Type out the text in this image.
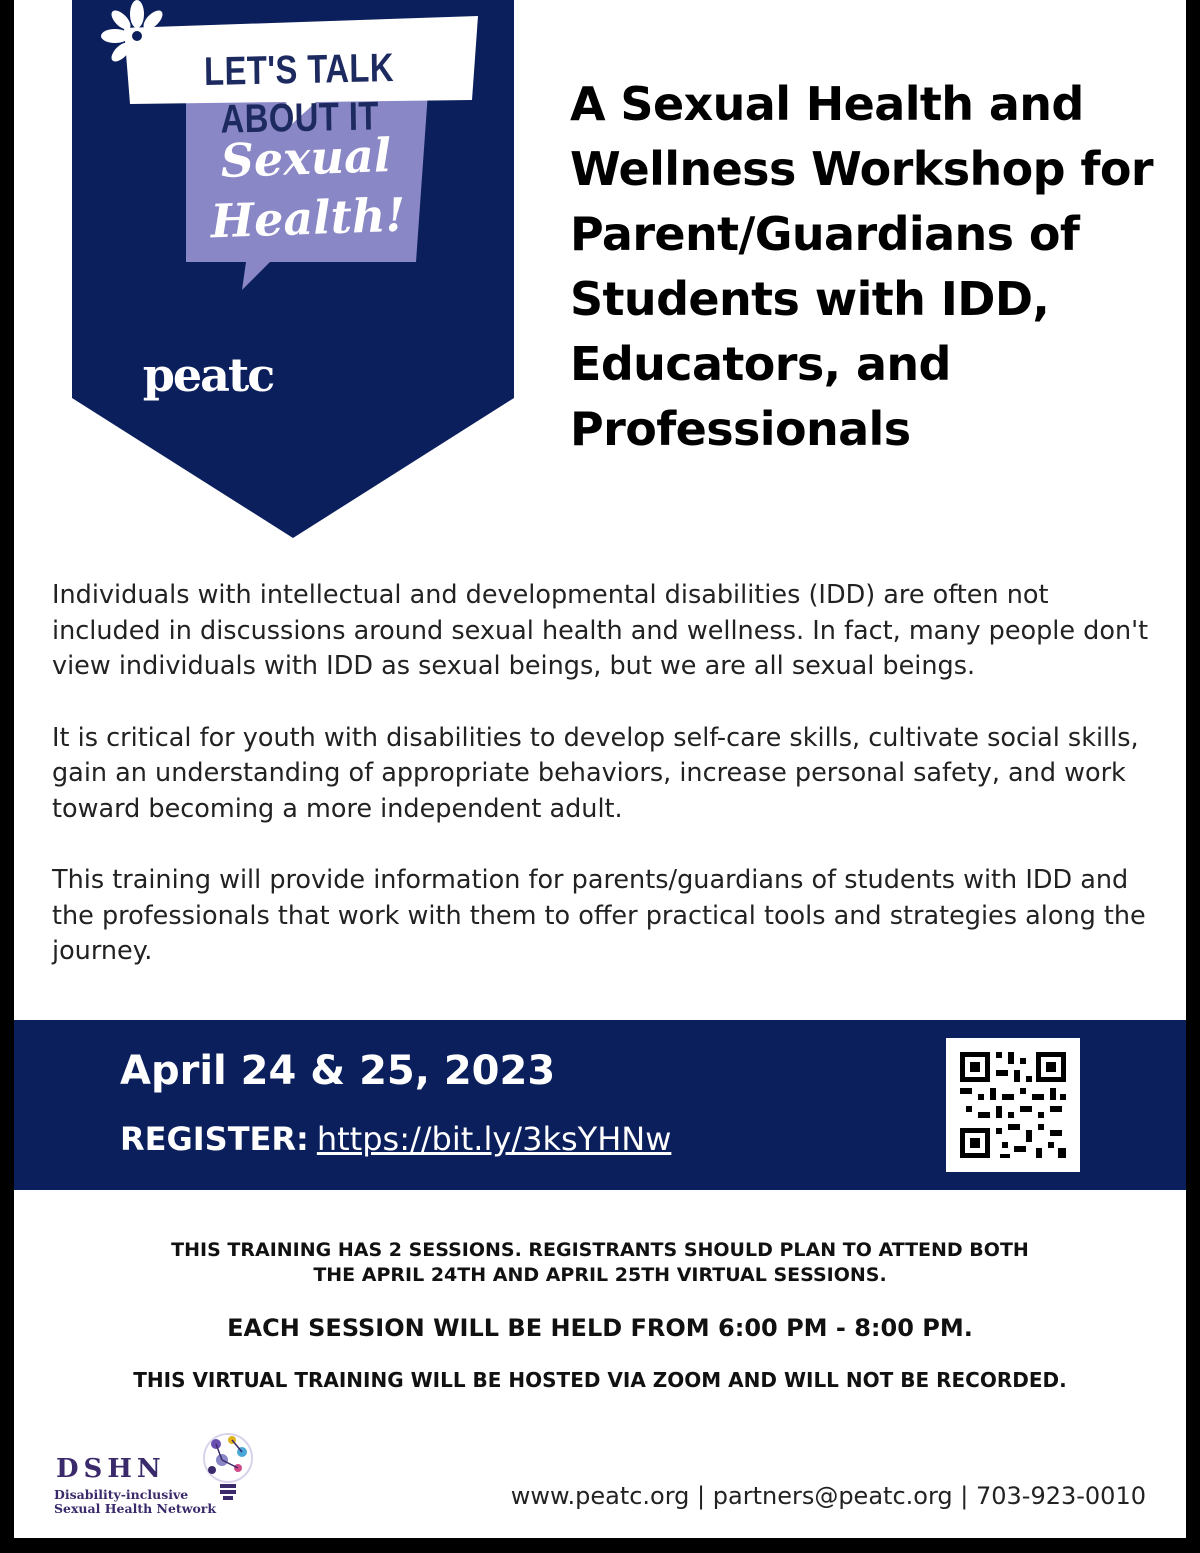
LET'S TALK ABOUT IT
Sexual
Health!
peatc
A Sexual Health and
Wellness Workshop for
Parent/Guardians of
Students with IDD,
Educators, and
Professionals

Individuals with intellectual and developmental disabilities (IDD) are often not included in discussions around sexual health and wellness. In fact, many people don't view individuals with IDD as sexual beings, but we are all sexual beings.

It is critical for youth with disabilities to develop self-care skills, cultivate social skills, gain an understanding of appropriate behaviors, increase personal safety, and work toward becoming a more independent adult.

This training will provide information for parents/guardians of students with IDD and the professionals that work with them to offer practical tools and strategies along the journey.

April 24 & 25, 2023
REGISTER: https://bit.ly/3ksYHNw
THIS TRAINING HAS 2 SESSIONS. REGISTRANTS SHOULD PLAN TO ATTEND BOTH
THE APRIL 24TH AND APRIL 25TH VIRTUAL SESSIONS.
EACH SESSION WILL BE HELD FROM 6:00 PM - 8:00 PM.
THIS VIRTUAL TRAINING WILL BE HOSTED VIA ZOOM AND WILL NOT BE RECORDED.
DSHN
Disability-inclusive
Sexual Health Network	www.peatc.org | partners@peatc.org | 703-923-0010
